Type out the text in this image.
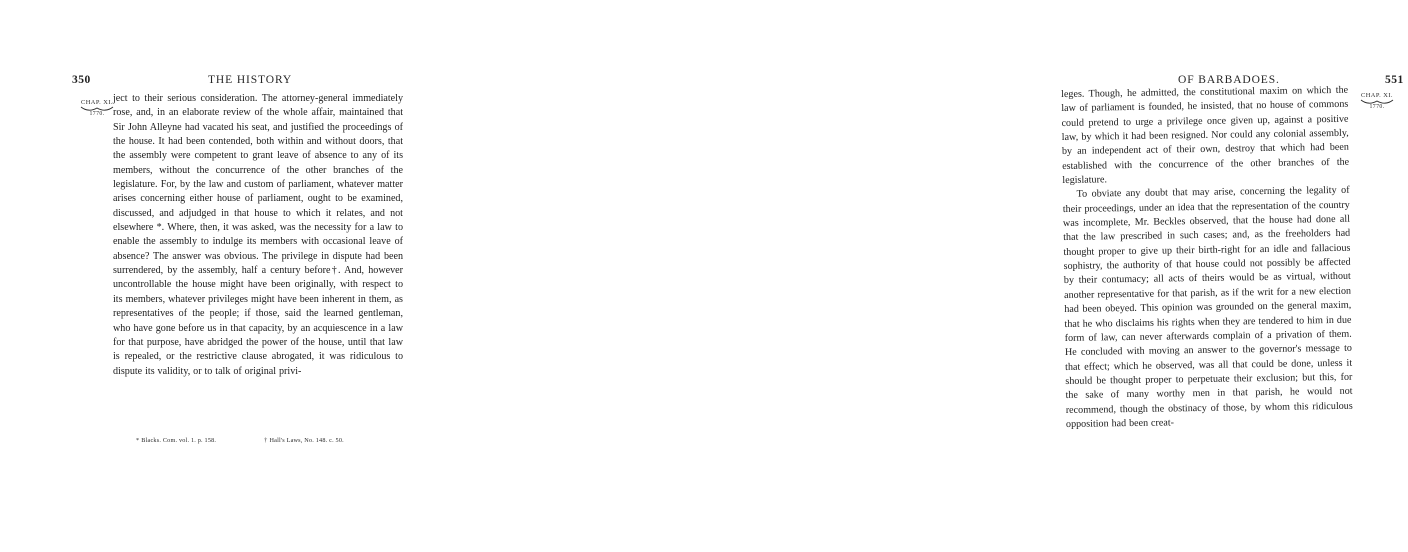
350	THE HISTORY
CHAP. XI.
1770.

ject to their serious consideration. The attorney-general immediately rose, and, in an elaborate review of the whole affair, maintained that Sir John Alleyne had vacated his seat, and justified the proceedings of the house. It had been contended, both within and without doors, that the assembly were competent to grant leave of absence to any of its members, without the concurrence of the other branches of the legislature. For, by the law and custom of parliament, whatever matter arises concerning either house of parliament, ought to be examined, discussed, and adjudged in that house to which it relates, and not elsewhere *. Where, then, it was asked, was the necessity for a law to enable the assembly to indulge its members with occasional leave of absence? The answer was obvious. The privilege in dispute had been surrendered, by the assembly, half a century before†. And, however uncontrollable the house might have been originally, with respect to its members, whatever privileges might have been inherent in them, as representatives of the people; if those, said the learned gentleman, who have gone before us in that capacity, by an acquiescence in a law for that purpose, have abridged the power of the house, until that law is repealed, or the restrictive clause abrogated, it was ridiculous to dispute its validity, or to talk of original privi-

* Blacks. Com. vol. 1. p. 158.	† Hall's Laws, No. 148. c. 50.
551
OF BARBADOES.
CHAP. XI.
1770.

leges. Though, he admitted, the constitutional maxim on which the law of parliament is founded, he insisted, that no house of commons could pretend to urge a privilege once given up, against a positive law, by which it had been resigned. Nor could any colonial assembly, by an independent act of their own, destroy that which had been established with the concurrence of the other branches of the legislature.

To obviate any doubt that may arise, concerning the legality of their proceedings, under an idea that the representation of the country was incomplete, Mr. Beckles observed, that the house had done all that the law prescribed in such cases; and, as the freeholders had thought proper to give up their birth-right for an idle and fallacious sophistry, the authority of that house could not possibly be affected by their contumacy; all acts of theirs would be as virtual, without another representative for that parish, as if the writ for a new election had been obeyed. This opinion was grounded on the general maxim, that he who disclaims his rights when they are tendered to him in due form of law, can never afterwards complain of a privation of them. He concluded with moving an answer to the governor's message to that effect; which he observed, was all that could be done, unless it should be thought proper to perpetuate their exclusion; but this, for the sake of many worthy men in that parish, he would not recommend, though the obstinacy of those, by whom this ridiculous opposition had been creat-
